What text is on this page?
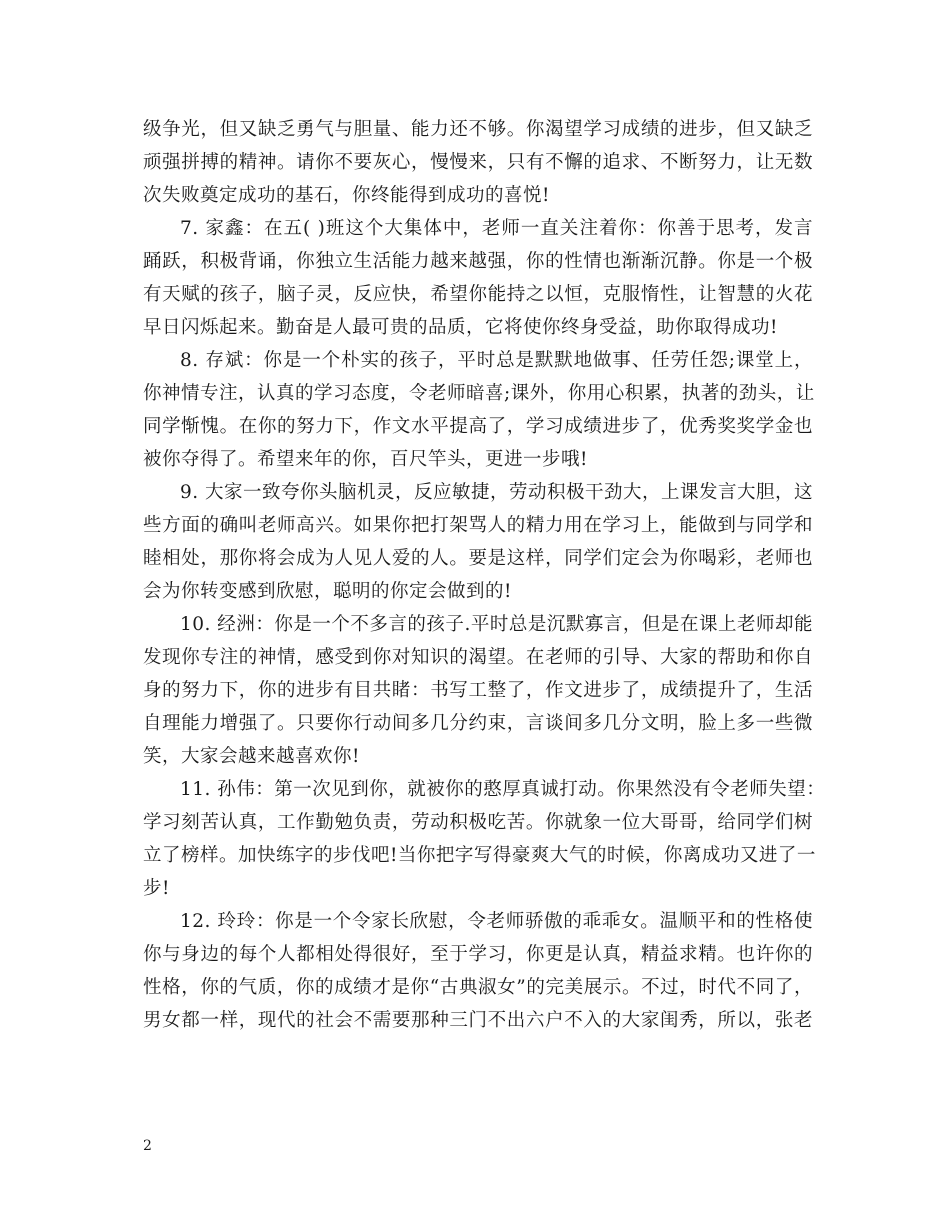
级争光，但又缺乏勇气与胆量、能力还不够。你渴望学习成绩的进步，但又缺乏
顽强拼搏的精神。请你不要灰心，慢慢来，只有不懈的追求、不断努力，让无数
次失败奠定成功的基石，你终能得到成功的喜悦!
7. 家鑫：在五( )班这个大集体中，老师一直关注着你：你善于思考，发言
踊跃，积极背诵，你独立生活能力越来越强，你的性情也渐渐沉静。你是一个极
有天赋的孩子，脑子灵，反应快，希望你能持之以恒，克服惰性，让智慧的火花
早日闪烁起来。勤奋是人最可贵的品质，它将使你终身受益，助你取得成功!
8. 存斌：你是一个朴实的孩子，平时总是默默地做事、任劳任怨;课堂上，
你神情专注，认真的学习态度，令老师暗喜;课外，你用心积累，执著的劲头，让
同学惭愧。在你的努力下，作文水平提高了，学习成绩进步了，优秀奖奖学金也
被你夺得了。希望来年的你，百尺竿头，更进一步哦!
9. 大家一致夸你头脑机灵，反应敏捷，劳动积极干劲大，上课发言大胆，这
些方面的确叫老师高兴。如果你把打架骂人的精力用在学习上，能做到与同学和
睦相处，那你将会成为人见人爱的人。要是这样，同学们定会为你喝彩，老师也
会为你转变感到欣慰，聪明的你定会做到的!
10. 经洲：你是一个不多言的孩子.平时总是沉默寡言，但是在课上老师却能
发现你专注的神情，感受到你对知识的渴望。在老师的引导、大家的帮助和你自
身的努力下，你的进步有目共睹：书写工整了，作文进步了，成绩提升了，生活
自理能力增强了。只要你行动间多几分约束，言谈间多几分文明，脸上多一些微
笑，大家会越来越喜欢你!
11. 孙伟：第一次见到你，就被你的憨厚真诚打动。你果然没有令老师失望：
学习刻苦认真，工作勤勉负责，劳动积极吃苦。你就象一位大哥哥，给同学们树
立了榜样。加快练字的步伐吧!当你把字写得豪爽大气的时候，你离成功又进了一
步!
12. 玲玲：你是一个令家长欣慰，令老师骄傲的乖乖女。温顺平和的性格使
你与身边的每个人都相处得很好，至于学习，你更是认真，精益求精。也许你的
性格，你的气质，你的成绩才是你“古典淑女”的完美展示。不过，时代不同了，
男女都一样，现代的社会不需要那种三门不出六户不入的大家闺秀，所以，张老
2
